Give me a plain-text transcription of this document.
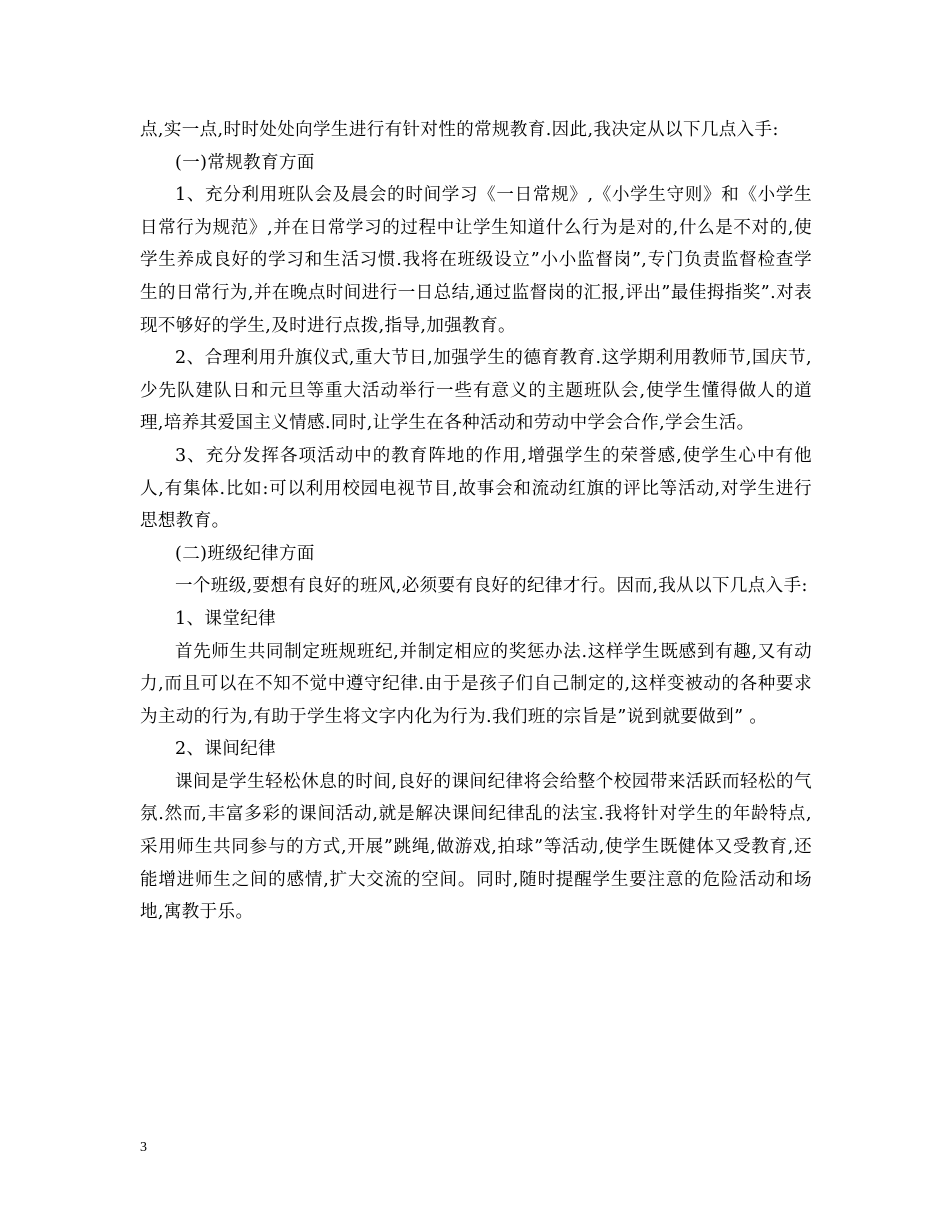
点,实一点,时时处处向学生进行有针对性的常规教育.因此,我决定从以下几点入手:

(一)常规教育方面

1、充分利用班队会及晨会的时间学习《一日常规》,《小学生守则》和《小学生日常行为规范》,并在日常学习的过程中让学生知道什么行为是对的,什么是不对的,使学生养成良好的学习和生活习惯.我将在班级设立”小小监督岗”,专门负责监督检查学生的日常行为,并在晚点时间进行一日总结,通过监督岗的汇报,评出”最佳拇指奖”.对表现不够好的学生,及时进行点拨,指导,加强教育。

2、合理利用升旗仪式,重大节日,加强学生的德育教育.这学期利用教师节,国庆节,少先队建队日和元旦等重大活动举行一些有意义的主题班队会,使学生懂得做人的道理,培养其爱国主义情感.同时,让学生在各种活动和劳动中学会合作,学会生活。

3、充分发挥各项活动中的教育阵地的作用,增强学生的荣誉感,使学生心中有他人,有集体.比如:可以利用校园电视节目,故事会和流动红旗的评比等活动,对学生进行思想教育。

(二)班级纪律方面

一个班级,要想有良好的班风,必须要有良好的纪律才行。因而,我从以下几点入手:

1、课堂纪律

首先师生共同制定班规班纪,并制定相应的奖惩办法.这样学生既感到有趣,又有动力,而且可以在不知不觉中遵守纪律.由于是孩子们自己制定的,这样变被动的各种要求为主动的行为,有助于学生将文字内化为行为.我们班的宗旨是”说到就要做到” 。

2、课间纪律

课间是学生轻松休息的时间,良好的课间纪律将会给整个校园带来活跃而轻松的气氛.然而,丰富多彩的课间活动,就是解决课间纪律乱的法宝.我将针对学生的年龄特点,采用师生共同参与的方式,开展”跳绳,做游戏,拍球”等活动,使学生既健体又受教育,还能增进师生之间的感情,扩大交流的空间。同时,随时提醒学生要注意的危险活动和场地,寓教于乐。

3
